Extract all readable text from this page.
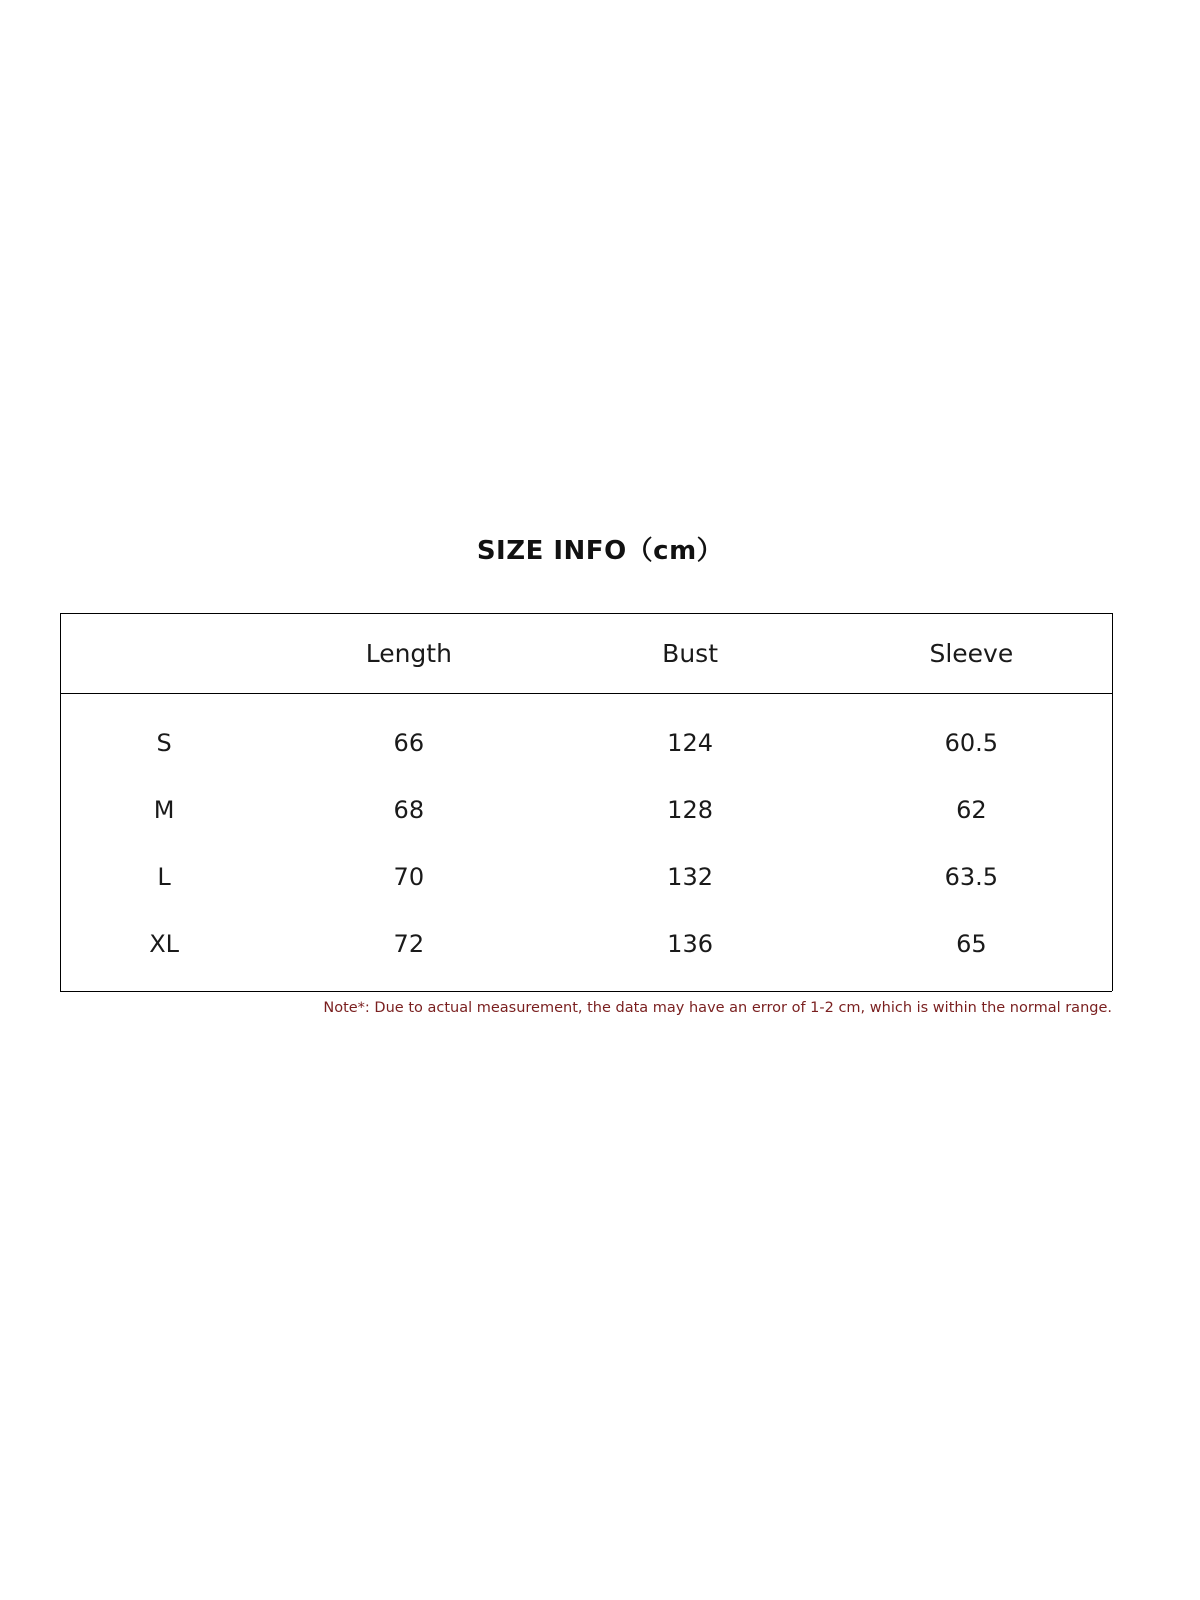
SIZE INFO（cm）
	Length	Bust	Sleeve
S	66	124	60.5
M	68	128	62
L	70	132	63.5
XL	72	136	65
Note*: Due to actual measurement, the data may have an error of 1-2 cm, which is within the normal range.
